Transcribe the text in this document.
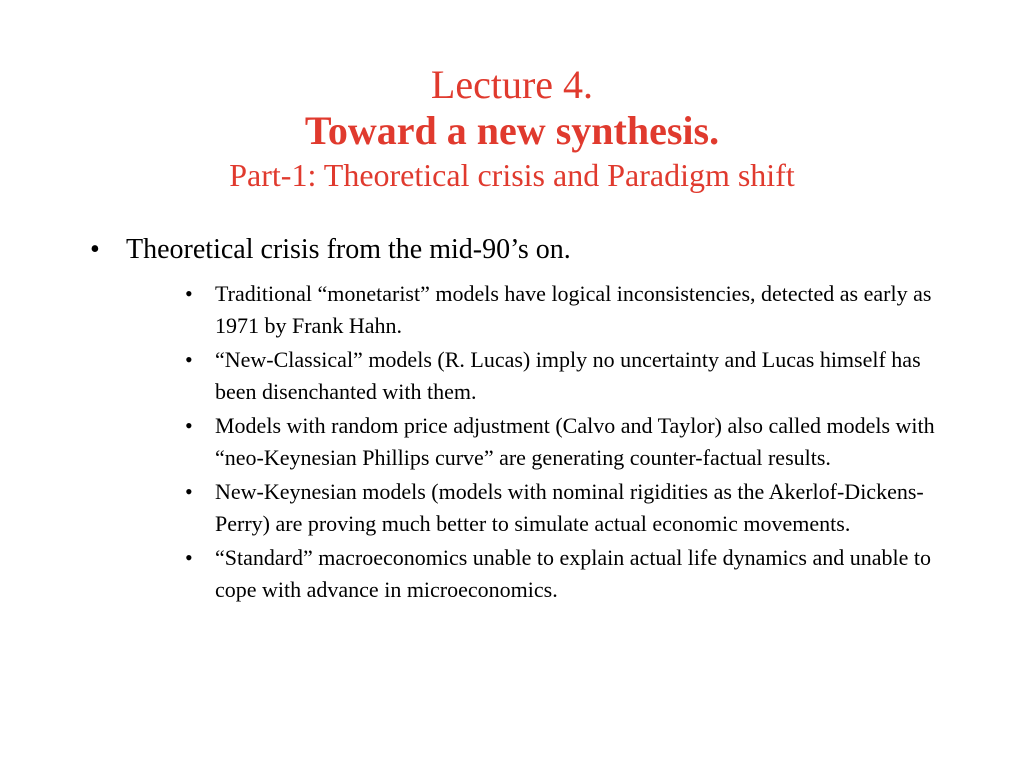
Lecture 4.
Toward a new synthesis.
Part-1: Theoretical crisis and Paradigm shift
• Theoretical crisis from the mid-90’s on.
•	Traditional “monetarist” models have logical inconsistencies, detected as early as 1971 by Frank Hahn.
•	“New-Classical” models (R. Lucas) imply no uncertainty and Lucas himself has been disenchanted with them.
•	Models with random price adjustment (Calvo and Taylor) also called models with “neo-Keynesian Phillips curve” are generating counter-factual results.
•	New-Keynesian models (models with nominal rigidities as the Akerlof-Dickens-Perry) are proving much better to simulate actual economic movements.
•	“Standard” macroeconomics unable to explain actual life dynamics and unable to cope with advance in microeconomics.
